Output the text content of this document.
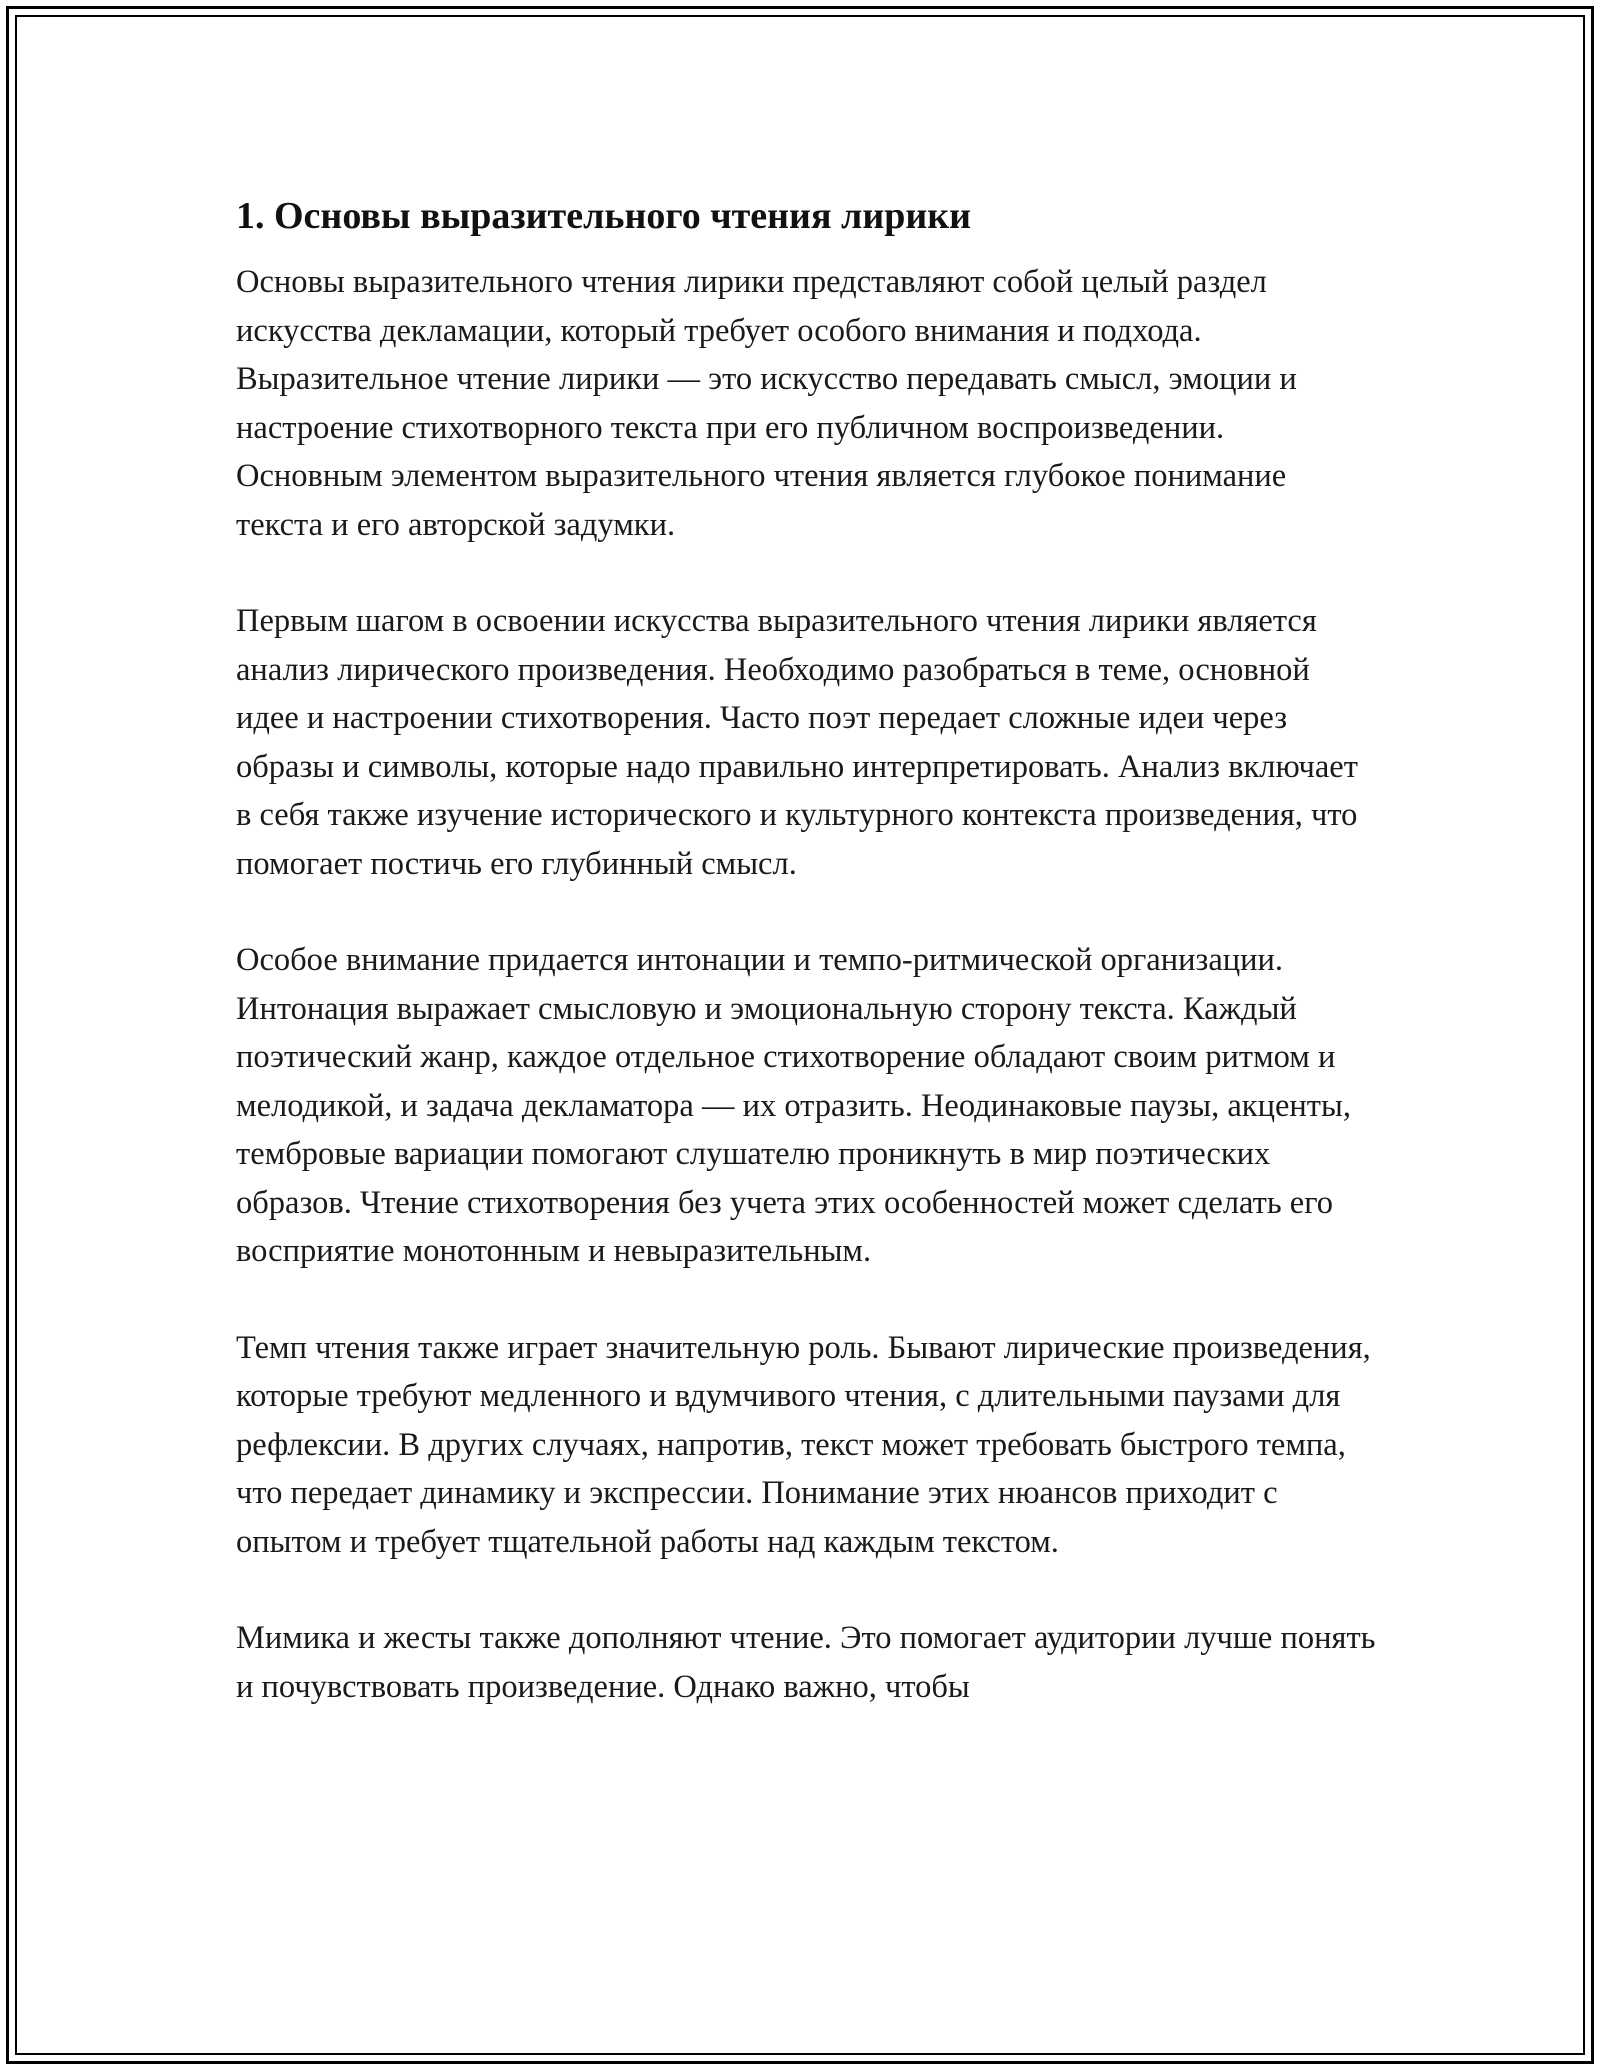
1. Основы выразительного чтения лирики

Основы выразительного чтения лирики представляют собой целый раздел искусства декламации, который требует особого внимания и подхода. Выразительное чтение лирики — это искусство передавать смысл, эмоции и настроение стихотворного текста при его публичном воспроизведении. Основным элементом выразительного чтения является глубокое понимание текста и его авторской задумки.

Первым шагом в освоении искусства выразительного чтения лирики является анализ лирического произведения. Необходимо разобраться в теме, основной идее и настроении стихотворения. Часто поэт передает сложные идеи через образы и символы, которые надо правильно интерпретировать. Анализ включает в себя также изучение исторического и культурного контекста произведения, что помогает постичь его глубинный смысл.

Особое внимание придается интонации и темпо-ритмической организации. Интонация выражает смысловую и эмоциональную сторону текста. Каждый поэтический жанр, каждое отдельное стихотворение обладают своим ритмом и мелодикой, и задача декламатора — их отразить. Неодинаковые паузы, акценты, тембровые вариации помогают слушателю проникнуть в мир поэтических образов. Чтение стихотворения без учета этих особенностей может сделать его восприятие монотонным и невыразительным.

Темп чтения также играет значительную роль. Бывают лирические произведения, которые требуют медленного и вдумчивого чтения, с длительными паузами для рефлексии. В других случаях, напротив, текст может требовать быстрого темпа, что передает динамику и экспрессии. Понимание этих нюансов приходит с опытом и требует тщательной работы над каждым текстом.

Мимика и жесты также дополняют чтение. Это помогает аудитории лучше понять и почувствовать произведение. Однако важно, чтобы
